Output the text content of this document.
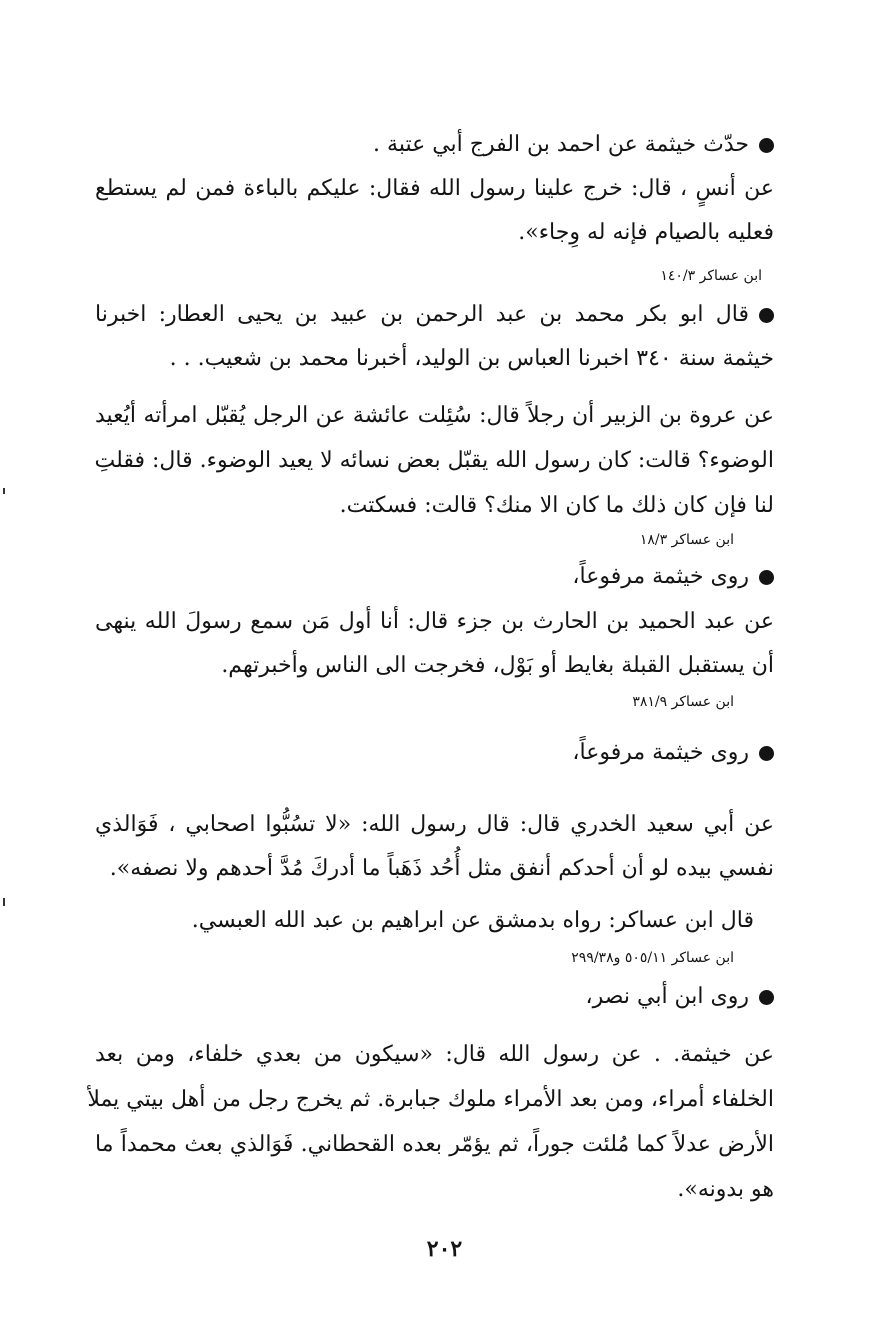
حدّث خيثمة عن احمد بن الفرج أبي عتبة .
عن أنسٍ ، قال: خرج علينا رسول الله فقال: عليكم بالباءة فمن لم يستطع
فعليه بالصيام فإنه له وِجاء».
ابن عساكر ١٤٠/٣
قال ابو بكر محمد بن عبد الرحمن بن عبيد بن يحيى العطار: اخبرنا
خيثمة سنة ٣٤٠ اخبرنا العباس بن الوليد، أخبرنا محمد بن شعيب. . .
عن عروة بن الزبير أن رجلاً قال: سُئِلت عائشة عن الرجل يُقبّل امرأته أيُعيد
الوضوء؟ قالت: كان رسول الله يقبّل بعض نسائه لا يعيد الوضوء. قال: فقلتِ
لنا فإن كان ذلك ما كان الا منك؟ قالت: فسكتت.
ابن عساكر ١٨/٣
روى خيثمة مرفوعاً،
عن عبد الحميد بن الحارث بن جزء قال: أنا أول مَن سمع رسولَ الله ينهى
أن يستقبل القبلة بغايط أو بَوْل، فخرجت الى الناس وأخبرتهم.
ابن عساكر ٣٨١/٩
روى خيثمة مرفوعاً،
عن أبي سعيد الخدري قال: قال رسول الله: «لا تسُبُّوا اصحابي ، فَوَالذي
نفسي بيده لو أن أحدكم أنفق مثل أُحُد ذَهَباً ما أدركَ مُدَّ أحدهم ولا نصفه».
قال ابن عساكر: رواه بدمشق عن ابراهيم بن عبد الله العبسي.
ابن عساكر ٥٠٥/١١ و٢٩٩/٣٨
روى ابن أبي نصر،
عن خيثمة. . عن رسول الله قال: «سيكون من بعدي خلفاء، ومن بعد
الخلفاء أمراء، ومن بعد الأمراء ملوك جبابرة. ثم يخرج رجل من أهل بيتي يملأ
الأرض عدلاً كما مُلئت جوراً، ثم يؤمّر بعده القحطاني. فَوَالذي بعث محمداً ما
هو بدونه».
٢٠٢
